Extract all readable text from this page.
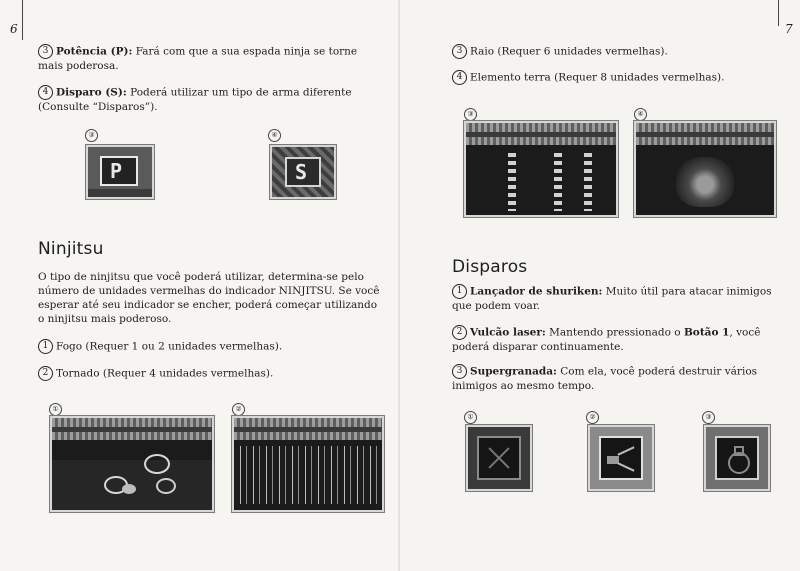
6
3 Potência (P): Fará com que a sua espada ninja se torne mais poderosa.
4 Disparo (S): Poderá utilizar um tipo de arma diferente (Consulte “Disparos”).
③
P
④
S
Ninjitsu
O tipo de ninjitsu que você poderá utilizar, determina-se pelo número de unidades vermelhas do indicador NINJITSU. Se você esperar até seu indicador se encher, poderá começar utilizando o ninjitsu mais poderoso.
1 Fogo (Requer 1 ou 2 unidades vermelhas).
2 Tornado (Requer 4 unidades vermelhas).
①	②
7
3 Raio (Requer 6 unidades vermelhas).
4 Elemento terra (Requer 8 unidades vermelhas).
③	④
Disparos
1 Lançador de shuriken: Muito útil para atacar inimigos que podem voar.
2 Vulcão laser: Mantendo pressionado o Botão 1, você poderá disparar continuamente.
3 Supergranada: Com ela, você poderá destruir vários inimigos ao mesmo tempo.
①	②	③
